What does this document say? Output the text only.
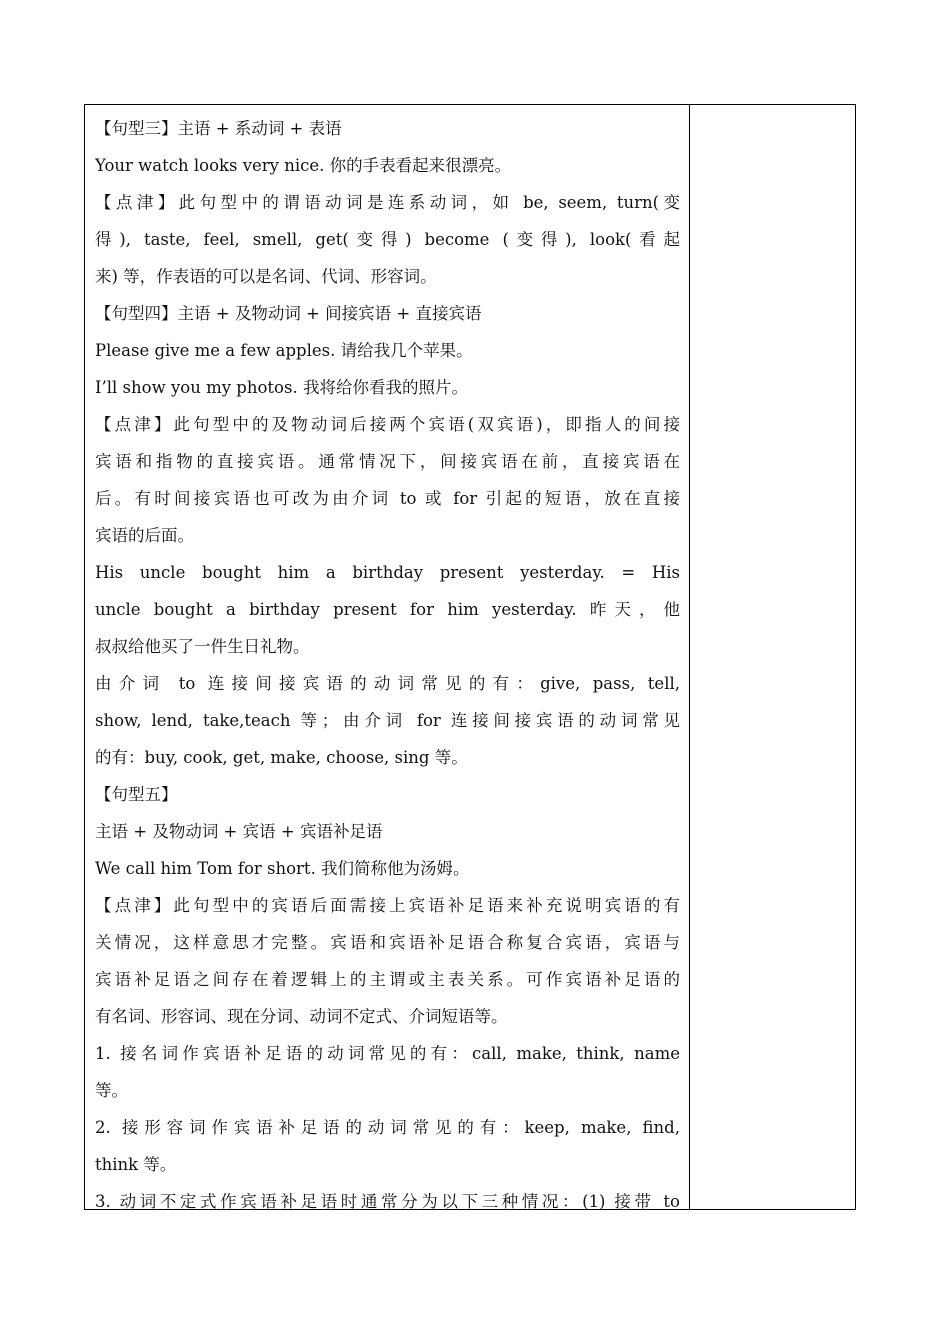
【句型三】主语 + 系动词 + 表语
Your watch looks very nice. 你的手表看起来很漂亮。
【点津】此句型中的谓语动词是连系动词，如 be, seem, turn(变
得), taste, feel, smell, get(变得) become (变得), look(看起
来) 等，作表语的可以是名词、代词、形容词。
【句型四】主语 + 及物动词 + 间接宾语 + 直接宾语
Please give me a few apples. 请给我几个苹果。
I’ll show you my photos. 我将给你看我的照片。
【点津】此句型中的及物动词后接两个宾语(双宾语)，即指人的间接
宾语和指物的直接宾语。通常情况下，间接宾语在前，直接宾语在
后。有时间接宾语也可改为由介词 to 或 for 引起的短语，放在直接
宾语的后面。
His uncle bought him a birthday present yesterday. = His
uncle bought a birthday present for him yesterday. 昨天，他
叔叔给他买了一件生日礼物。
由介词 to 连接间接宾语的动词常见的有：give, pass, tell,
show, lend, take,teach 等；由介词 for 连接间接宾语的动词常见
的有：buy, cook, get, make, choose, sing 等。
【句型五】
主语 + 及物动词 + 宾语 + 宾语补足语
We call him Tom for short. 我们简称他为汤姆。
【点津】此句型中的宾语后面需接上宾语补足语来补充说明宾语的有
关情况，这样意思才完整。宾语和宾语补足语合称复合宾语，宾语与
宾语补足语之间存在着逻辑上的主谓或主表关系。可作宾语补足语的
有名词、形容词、现在分词、动词不定式、介词短语等。
1. 接名词作宾语补足语的动词常见的有：call, make, think, name
等。
2. 接形容词作宾语补足语的动词常见的有：keep, make, find,
think 等。
3. 动词不定式作宾语补足语时通常分为以下三种情况：(1) 接带 to
